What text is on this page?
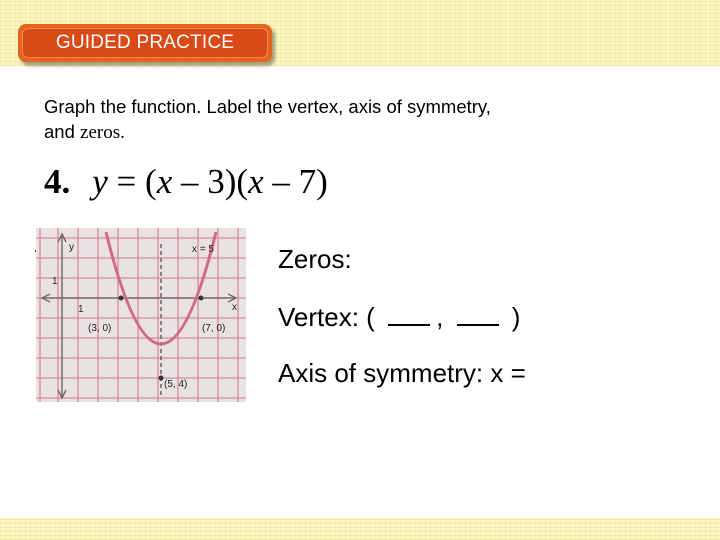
GUIDED PRACTICE
Graph the function. Label the vertex, axis of symmetry,
and zeros.
4. y = (x – 3)(x – 7)
y
x
1
1
x = 5
(3, 0)	(7, 0)
(5, 4)
Zeros:
Vertex: ( ,	)
Axis of symmetry: x =
